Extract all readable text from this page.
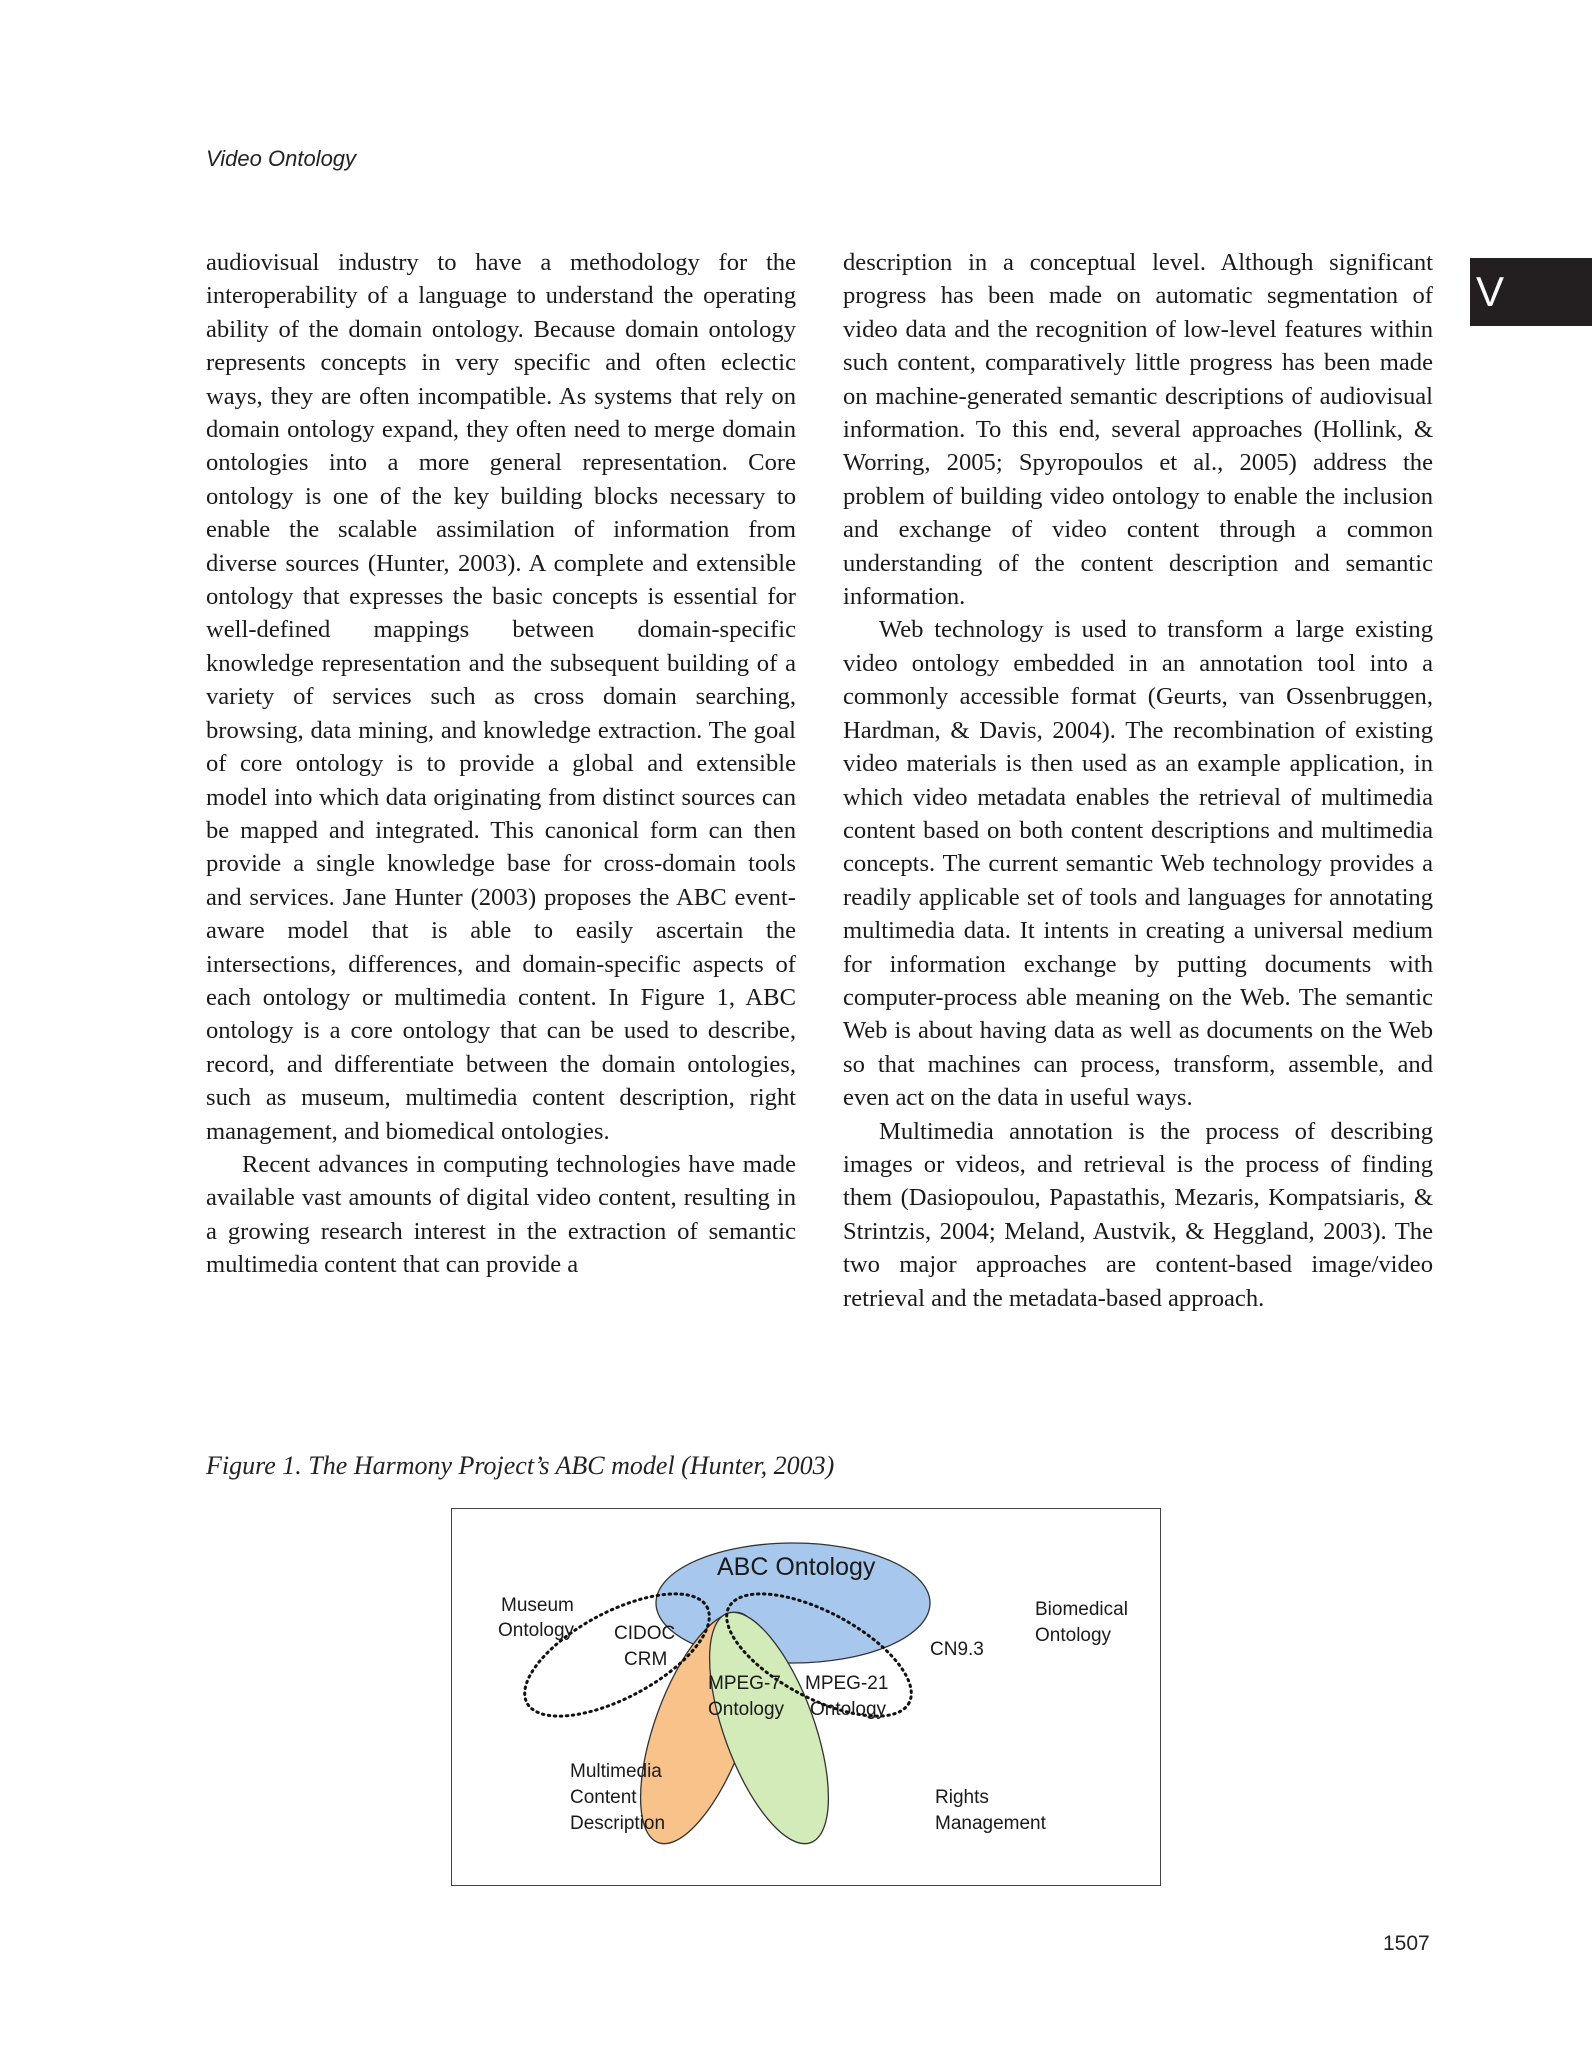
Video Ontology
V

audiovisual industry to have a methodology for the interoperability of a language to understand the operating ability of the domain ontology. Because domain ontology represents concepts in very specific and often eclectic ways, they are often incompatible. As systems that rely on domain ontology expand, they often need to merge domain ontologies into a more general representation. Core ontology is one of the key building blocks necessary to enable the scalable assimilation of information from diverse sources (Hunter, 2003). A complete and extensible ontology that expresses the basic concepts is essential for well-defined mappings between domain-specific knowledge representation and the subsequent building of a variety of services such as cross domain searching, browsing, data mining, and knowledge extraction. The goal of core ontology is to provide a global and extensible model into which data originating from distinct sources can be mapped and integrated. This canonical form can then provide a single knowledge base for cross-domain tools and services. Jane Hunter (2003) proposes the ABC event-aware model that is able to easily ascertain the intersections, differences, and domain-specific aspects of each ontology or multimedia content. In Figure 1, ABC ontology is a core ontology that can be used to describe, record, and differentiate between the domain ontologies, such as museum, multimedia content description, right management, and biomedical ontologies.

Recent advances in computing technologies have made available vast amounts of digital video content, resulting in a growing research interest in the extraction of semantic multimedia content that can provide a

description in a conceptual level. Although significant progress has been made on automatic segmentation of video data and the recognition of low-level features within such content, comparatively little progress has been made on machine-generated semantic descriptions of audiovisual information. To this end, several approaches (Hollink, & Worring, 2005; Spyropoulos et al., 2005) address the problem of building video ontology to enable the inclusion and exchange of video content through a common understanding of the content description and semantic information.

Web technology is used to transform a large existing video ontology embedded in an annotation tool into a commonly accessible format (Geurts, van Ossenbruggen, Hardman, & Davis, 2004). The recombination of existing video materials is then used as an example application, in which video metadata enables the retrieval of multimedia content based on both content descriptions and multimedia concepts. The current semantic Web technology provides a readily applicable set of tools and languages for annotating multimedia data. It intents in creating a universal medium for information exchange by putting documents with computer-process able meaning on the Web. The semantic Web is about having data as well as documents on the Web so that machines can process, transform, assemble, and even act on the data in useful ways.

Multimedia annotation is the process of describing images or videos, and retrieval is the process of finding them (Dasiopoulou, Papastathis, Mezaris, Kompatsiaris, & Strintzis, 2004; Meland, Austvik, & Heggland, 2003). The two major approaches are content-based image/video retrieval and the metadata-based approach.

Figure 1. The Harmony Project’s ABC model (Hunter, 2003)
ABC Ontology
Museum
Ontology CIDOC
CRM
MPEG-7
Ontology
MPEG-21
Ontology
CN9.3
Biomedical
Ontology
Multimedia
Content
Description
Rights
Management
1507
